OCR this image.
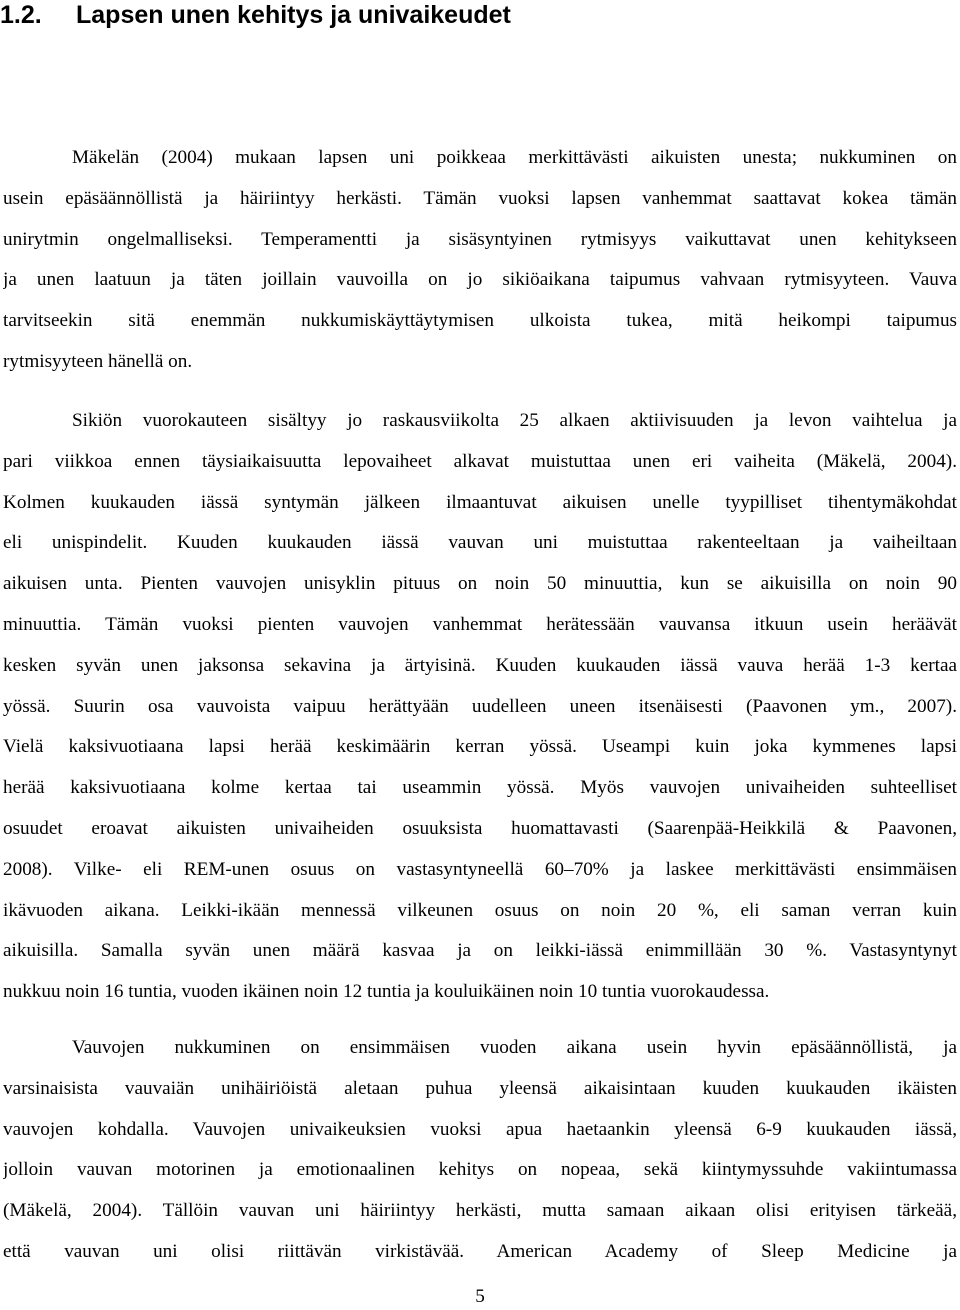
1.2. Lapsen unen kehitys ja univaikeudet
Mäkelän (2004) mukaan lapsen uni poikkeaa merkittävästi aikuisten unesta; nukkuminen on
usein epäsäännöllistä ja häiriintyy herkästi. Tämän vuoksi lapsen vanhemmat saattavat kokea tämän
unirytmin ongelmalliseksi. Temperamentti ja sisäsyntyinen rytmisyys vaikuttavat unen kehitykseen
ja unen laatuun ja täten joillain vauvoilla on jo sikiöaikana taipumus vahvaan rytmisyyteen. Vauva
tarvitseekin sitä enemmän nukkumiskäyttäytymisen ulkoista tukea, mitä heikompi taipumus
rytmisyyteen hänellä on.
Sikiön vuorokauteen sisältyy jo raskausviikolta 25 alkaen aktiivisuuden ja levon vaihtelua ja
pari viikkoa ennen täysiaikaisuutta lepovaiheet alkavat muistuttaa unen eri vaiheita (Mäkelä, 2004).
Kolmen kuukauden iässä syntymän jälkeen ilmaantuvat aikuisen unelle tyypilliset tihentymäkohdat
eli unispindelit. Kuuden kuukauden iässä vauvan uni muistuttaa rakenteeltaan ja vaiheiltaan
aikuisen unta. Pienten vauvojen unisyklin pituus on noin 50 minuuttia, kun se aikuisilla on noin 90
minuuttia. Tämän vuoksi pienten vauvojen vanhemmat herätessään vauvansa itkuun usein heräävät
kesken syvän unen jaksonsa sekavina ja ärtyisinä. Kuuden kuukauden iässä vauva herää 1-3 kertaa
yössä. Suurin osa vauvoista vaipuu herättyään uudelleen uneen itsenäisesti (Paavonen ym., 2007).
Vielä kaksivuotiaana lapsi herää keskimäärin kerran yössä. Useampi kuin joka kymmenes lapsi
herää kaksivuotiaana kolme kertaa tai useammin yössä. Myös vauvojen univaiheiden suhteelliset
osuudet eroavat aikuisten univaiheiden osuuksista huomattavasti (Saarenpää-Heikkilä & Paavonen,
2008). Vilke- eli REM-unen osuus on vastasyntyneellä 60–70% ja laskee merkittävästi ensimmäisen
ikävuoden aikana. Leikki-ikään mennessä vilkeunen osuus on noin 20 %, eli saman verran kuin
aikuisilla. Samalla syvän unen määrä kasvaa ja on leikki-iässä enimmillään 30 %. Vastasyntynyt
nukkuu noin 16 tuntia, vuoden ikäinen noin 12 tuntia ja kouluikäinen noin 10 tuntia vuorokaudessa.
Vauvojen nukkuminen on ensimmäisen vuoden aikana usein hyvin epäsäännöllistä, ja
varsinaisista vauvaiän unihäiriöistä aletaan puhua yleensä aikaisintaan kuuden kuukauden ikäisten
vauvojen kohdalla. Vauvojen univaikeuksien vuoksi apua haetaankin yleensä 6-9 kuukauden iässä,
jolloin vauvan motorinen ja emotionaalinen kehitys on nopeaa, sekä kiintymyssuhde vakiintumassa
(Mäkelä, 2004). Tällöin vauvan uni häiriintyy herkästi, mutta samaan aikaan olisi erityisen tärkeää,
että vauvan uni olisi riittävän virkistävää. American Academy of Sleep Medicine ja
5
